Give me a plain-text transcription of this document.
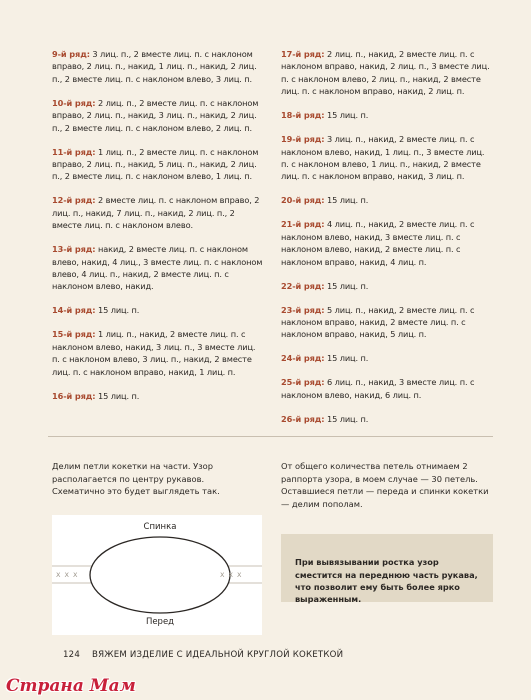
9-й ряд: 3 лиц. п., 2 вместе лиц. п. с наклоном вправо, 2 лиц. п., накид, 1 лиц. п., накид, 2 лиц. п., 2 вместе лиц. п. с наклоном влево, 3 лиц. п.

10-й ряд: 2 лиц. п., 2 вместе лиц. п. с наклоном вправо, 2 лиц. п., накид, 3 лиц. п., накид, 2 лиц. п., 2 вместе лиц. п. с наклоном влево, 2 лиц. п.

11-й ряд: 1 лиц. п., 2 вместе лиц. п. с наклоном вправо, 2 лиц. п., накид, 5 лиц. п., накид, 2 лиц. п., 2 вместе лиц. п. с наклоном влево, 1 лиц. п.

12-й ряд: 2 вместе лиц. п. с наклоном вправо, 2 лиц. п., накид, 7 лиц. п., накид, 2 лиц. п., 2 вместе лиц. п. с наклоном влево.

13-й ряд: накид, 2 вместе лиц. п. с наклоном влево, накид, 4 лиц., 3 вместе лиц. п. с наклоном влево, 4 лиц. п., накид, 2 вместе лиц. п. с наклоном влево, накид.

14-й ряд: 15 лиц. п.

15-й ряд: 1 лиц. п., накид, 2 вместе лиц. п. с наклоном влево, накид, 3 лиц. п., 3 вместе лиц. п. с наклоном влево, 3 лиц. п., накид, 2 вместе лиц. п. с наклоном вправо, накид, 1 лиц. п.

16-й ряд: 15 лиц. п.

17-й ряд: 2 лиц. п., накид, 2 вместе лиц. п. с наклоном вправо, накид, 2 лиц. п., 3 вместе лиц. п. с наклоном влево, 2 лиц. п., накид, 2 вместе лиц. п. с наклоном вправо, накид, 2 лиц. п.

18-й ряд: 15 лиц. п.

19-й ряд: 3 лиц. п., накид, 2 вместе лиц. п. с наклоном влево, накид, 1 лиц. п., 3 вместе лиц. п. с наклоном влево, 1 лиц. п., накид, 2 вместе лиц. п. с наклоном вправо, накид, 3 лиц. п.

20-й ряд: 15 лиц. п.

21-й ряд: 4 лиц. п., накид, 2 вместе лиц. п. с наклоном влево, накид, 3 вместе лиц. п. с наклоном влево, накид, 2 вместе лиц. п. с наклоном вправо, накид, 4 лиц. п.

22-й ряд: 15 лиц. п.

23-й ряд: 5 лиц. п., накид, 2 вместе лиц. п. с наклоном вправо, накид, 2 вместе лиц. п. с наклоном вправо, накид, 5 лиц. п.

24-й ряд: 15 лиц. п.

25-й ряд: 6 лиц. п., накид, 3 вместе лиц. п. с наклоном влево, накид, 6 лиц. п.

26-й ряд: 15 лиц. п.

Делим петли кокетки на части. Узор располагается по центру рукавов. Схематично это будет выглядеть так.

От общего количества петель отнимаем 2 раппорта узора, в моем случае — 30 петель. Оставшиеся петли — переда и спинки кокетки — делим пополам.

Спинка
Перед
X X X	X X X

При вывязывании ростка узор сместится на переднюю часть рукава, что позволит ему быть более ярко выраженным.

124 ВЯЖЕМ ИЗДЕЛИЕ С ИДЕАЛЬНОЙ КРУГЛОЙ КОКЕТКОЙ
Страна Мам
